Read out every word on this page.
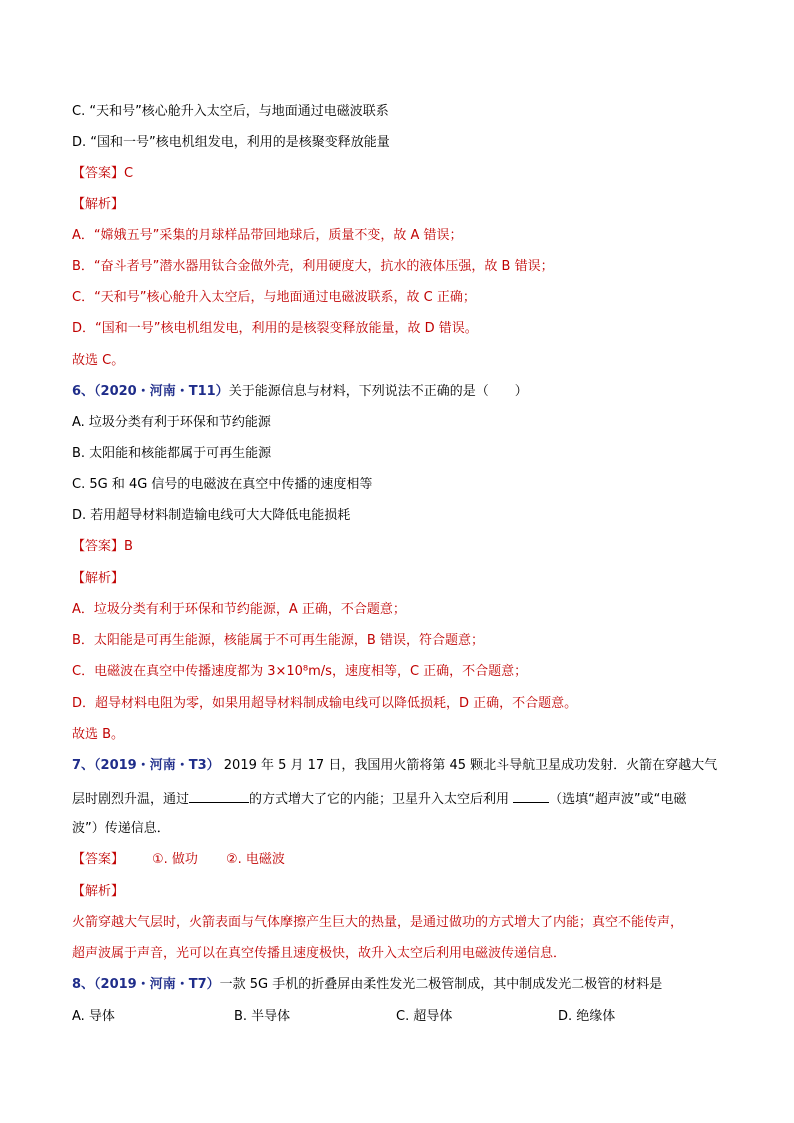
C. “天和号”核心舱升入太空后，与地面通过电磁波联系
D. “国和一号”核电机组发电，利用的是核聚变释放能量
【答案】C
【解析】
A．“嫦娥五号”采集的月球样品带回地球后，质量不变，故 A 错误；
B．“奋斗者号”潜水器用钛合金做外壳，利用硬度大，抗水的液体压强，故 B 错误；
C．“天和号”核心舱升入太空后，与地面通过电磁波联系，故 C 正确；
D．“国和一号”核电机组发电，利用的是核裂变释放能量，故 D 错误。
故选 C。
6、（2020・河南・T11）关于能源信息与材料，下列说法不正确的是（　　）
A. 垃圾分类有利于环保和节约能源
B. 太阳能和核能都属于可再生能源
C. 5G 和 4G 信号的电磁波在真空中传播的速度相等
D. 若用超导材料制造输电线可大大降低电能损耗
【答案】B
【解析】
A．垃圾分类有利于环保和节约能源，A 正确，不合题意；
B．太阳能是可再生能源，核能属于不可再生能源，B 错误，符合题意；
C．电磁波在真空中传播速度都为 3×10⁸m/s，速度相等，C 正确，不合题意；
D．超导材料电阻为零，如果用超导材料制成输电线可以降低损耗，D 正确，不合题意。
故选 B。
7、（2019・河南・T3） 2019 年 5 月 17 日，我国用火箭将第 45 颗北斗导航卫星成功发射．火箭在穿越大气
层时剧烈升温，通过	的方式增大了它的内能；卫星升入太空后利用	（选填“超声波”或“电磁
波”）传递信息．
【答案】 ①. 做功 ②. 电磁波
【解析】
火箭穿越大气层时，火箭表面与气体摩擦产生巨大的热量，是通过做功的方式增大了内能；真空不能传声，
超声波属于声音，光可以在真空传播且速度极快，故升入太空后利用电磁波传递信息．
8、（2019・河南・T7）一款 5G 手机的折叠屏由柔性发光二极管制成，其中制成发光二极管的材料是
A. 导体	B. 半导体	C. 超导体	D. 绝缘体
